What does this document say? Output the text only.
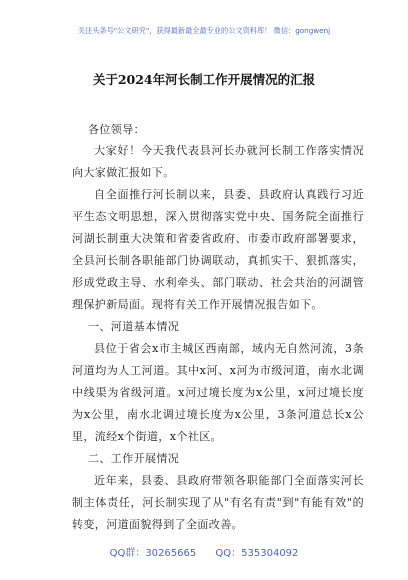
关注头条号"公文研究"，获得最新最全最专业的公文资料库！ 微信：gongwenj
关于2024年河长制工作开展情况的汇报
各位领导：
大家好！今天我代表县河长办就河长制工作落实情况向大家做汇报如下。
自全面推行河长制以来，县委、县政府认真践行习近平生态文明思想，深入贯彻落实党中央、国务院全面推行河湖长制重大决策和省委省政府、市委市政府部署要求，全县河长制各职能部门协调联动，真抓实干、狠抓落实，形成党政主导、水利牵头、部门联动、社会共治的河湖管理保护新局面。现将有关工作开展情况报告如下。
一、河道基本情况
县位于省会x市主城区西南部，域内无自然河流，3条河道均为人工河道。其中x河、x河为市级河道，南水北调中线渠为省级河道。x河过境长度为x公里，x河过境长度为x公里，南水北调过境长度为x公里，3条河道总长x公里，流经x个街道，x个社区。
二、工作开展情况
近年来，县委、县政府带领各职能部门全面落实河长制主体责任，河长制实现了从"有名有责"到"有能有效"的转变，河道面貌得到了全面改善。
QQ群：30265665 QQ：535304092
